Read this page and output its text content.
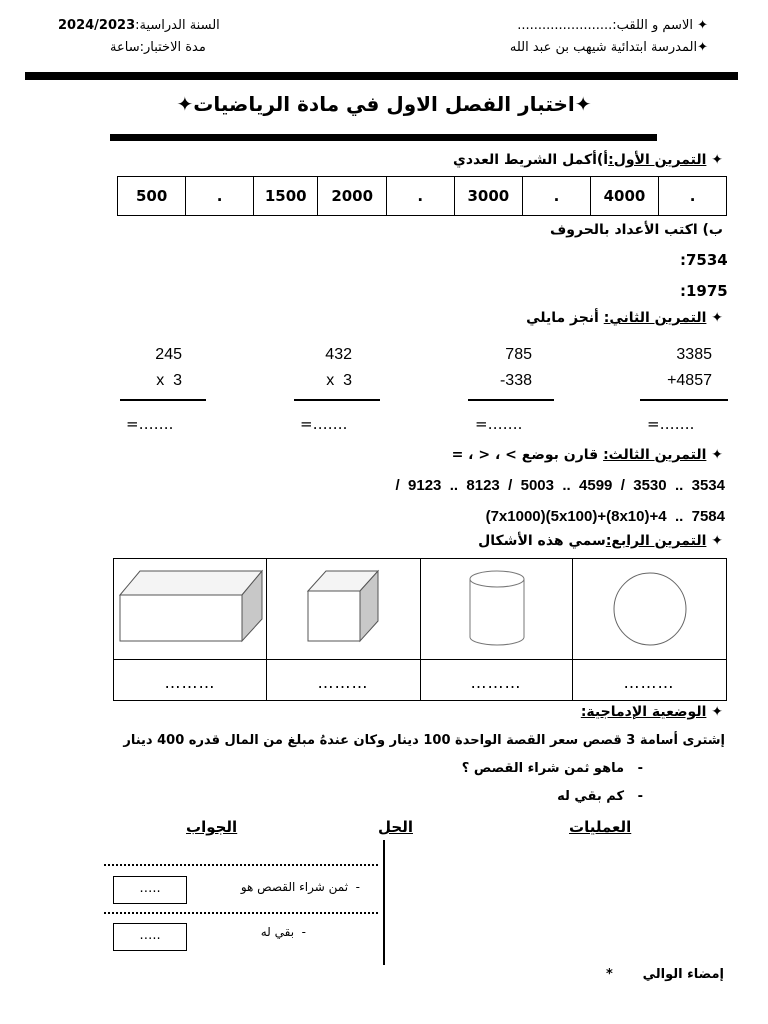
السنة الدراسية:2024/2023
مدة الاختبار:ساعة
✦ الاسم و اللقب:.......................
✦المدرسة ابتدائية شيهب بن عبد الله
✦اختبار الفصل الاول في مادة الرياضيات✦
✦ التمرين الأول:أ)أكمل الشريط العددي
500	.	1500	2000	.	3000	.	4000	.
ب) اكتب الأعداد بالحروف
:7534
:1975
✦ التمرين الثاني: أنجز مايلي
245
x  3
=…….
432
x  3
=…….
785
-338
=…….
3385
+4857
=…….
✦ التمرين الثالث: قارن بوضع > ، < ، =
3534  ..  3530  /  4599  ..  5003  /  8123  ..  9123  /
7584  ..  4+(8x10)+(5x100)(7x1000)
✦ التمرين الرابع:سمي هذه الأشكال
………	………	………	………
✦ الوضعية الإدماجية:
إشترى أسامة 3 قصص سعر القصة الواحدة 100 دينار وكان عندهُ مبلغ من المال قدره 400 دينار
-   ماهو ثمن شراء القصص ؟
-   كم بقي له
العمليات
الحل
الجواب
…..	-  ثمن شراء القصص هو
…..	-  بقي له
* إمضاء الوالي
